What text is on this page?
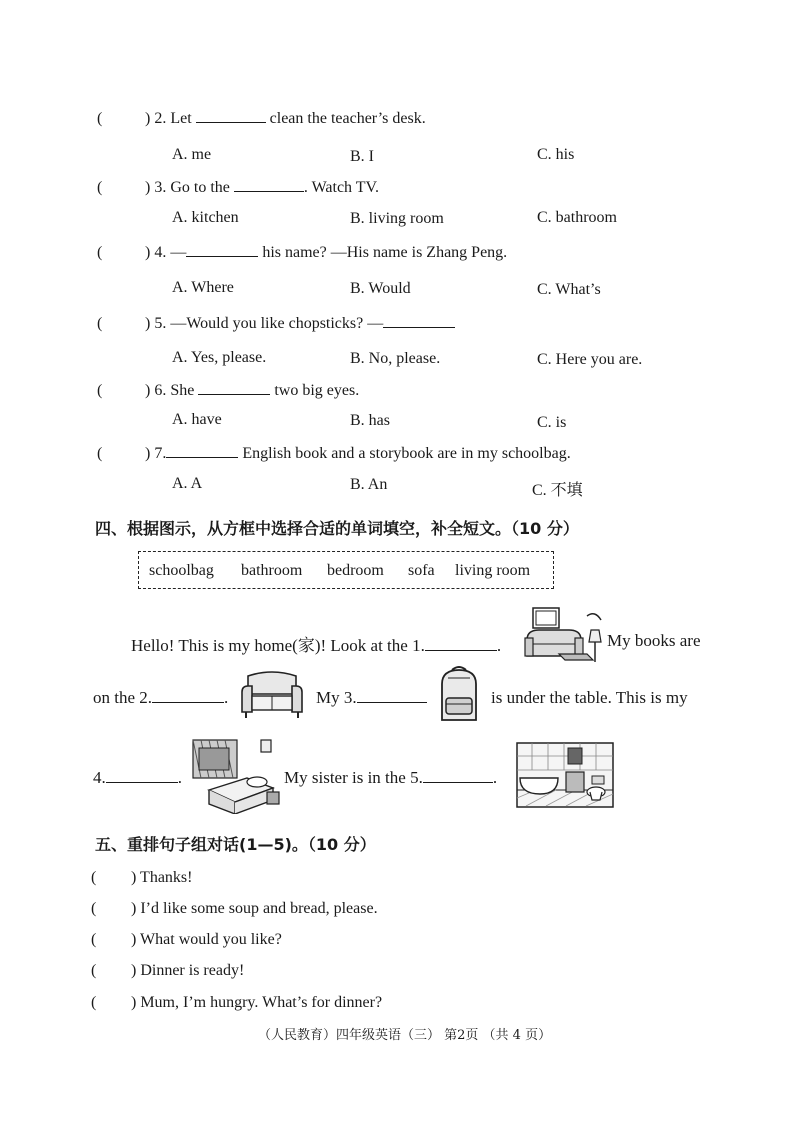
(	) 2. Let	clean the teacher’s desk.
A. me	B. I	C. his
(	) 3. Go to the	. Watch TV.
A. kitchen	B. living room	C. bathroom
(	) 4. —	his name? —His name is Zhang Peng.
A. Where	B. Would	C. What’s
(	) 5. —Would you like chopsticks? —
A. Yes, please.	B. No, please.	C. Here you are.
(	) 6. She	two big eyes.
A. have	B. has	C. is
(	) 7.	English book and a storybook are in my schoolbag.
A. A	B. An	C. 不填
四、根据图示，从方框中选择合适的单词填空，补全短文。（10 分）
schoolbag bathroom bedroom sofa living room
Hello! This is my home(家)! Look at the 1.	.	My books are
on the 2.	.	My 3.	is under the table. This is my
4.	.	My sister is in the 5.	.
五、重排句子组对话(1—5)。（10 分）
( ) Thanks!
( ) I’d like some soup and bread, please.
( ) What would you like?
( ) Dinner is ready!
( ) Mum, I’m hungry. What’s for dinner?
（人民教育）四年级英语（三） 第2页 （共 4 页）
